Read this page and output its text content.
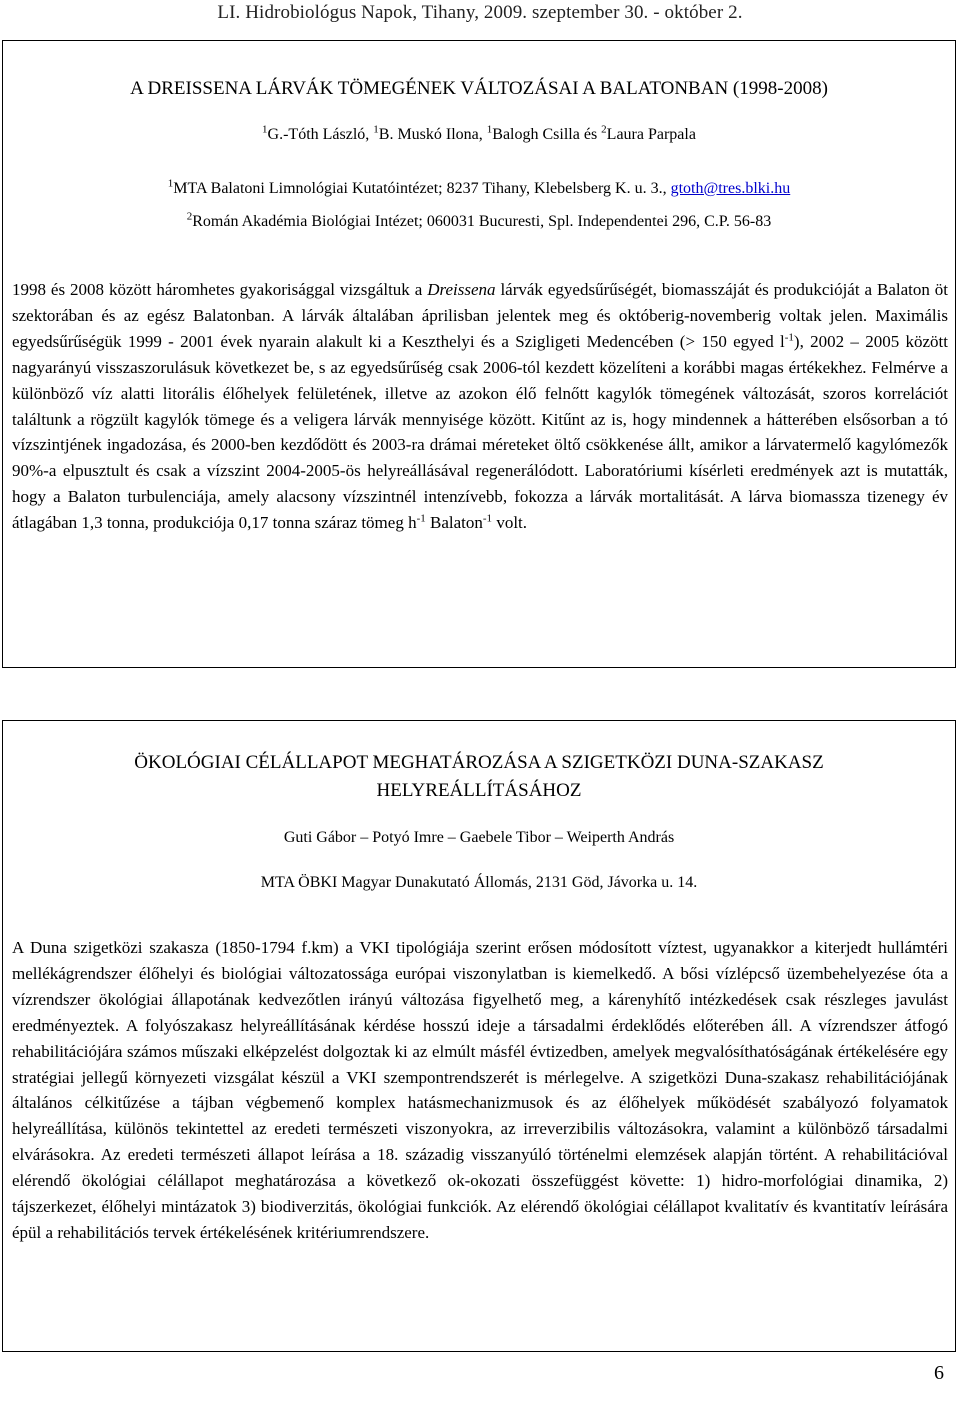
LI. Hidrobiológus Napok, Tihany, 2009. szeptember 30. - október 2.
A DREISSENA LÁRVÁK TÖMEGÉNEK VÁLTOZÁSAI A BALATONBAN (1998-2008)
$^1$G.-Tóth László, $^1$B. Muskó Ilona, $^1$Balogh Csilla és $^2$Laura Parpala
$^1$MTA Balatoni Limnológiai Kutatóintézet; 8237 Tihany, Klebelsberg K. u. 3., gtoth@tres.blki.hu
$^2$Román Akadémia Biológiai Intézet; 060031 Bucuresti, Spl. Independentei 296, C.P. 56-83

1998 és 2008 között háromhetes gyakorisággal vizsgáltuk a Dreissena lárvák egyedsűrűségét, biomasszáját és produkcióját a Balaton öt szektorában és az egész Balatonban. A lárvák általában áprilisban jelentek meg és októberig-novemberig voltak jelen. Maximális egyedsűrűségük 1999 - 2001 évek nyarain alakult ki a Keszthelyi és a Szigligeti Medencében (> 150 egyed $l^{-1}$), 2002 – 2005 között nagyarányú visszaszorulásuk következet be, s az egyedsűrűség csak 2006-tól kezdett közelíteni a korábbi magas értékekhez. Felmérve a különböző víz alatti litorális élőhelyek felületének, illetve az azokon élő felnőtt kagylók tömegének változását, szoros korrelációt találtunk a rögzült kagylók tömege és a veligera lárvák mennyisége között. Kitűnt az is, hogy mindennek a hátterében elsősorban a tó vízszintjének ingadozása, és 2000-ben kezdődött és 2003-ra drámai méreteket öltő csökkenése állt, amikor a lárvatermelő kagylómezők 90%-a elpusztult és csak a vízszint 2004-2005-ös helyreállásával regenerálódott. Laboratóriumi kísérleti eredmények azt is mutatták, hogy a Balaton turbulenciája, amely alacsony vízszintnél intenzívebb, fokozza a lárvák mortalitását. A lárva biomassza tizenegy év átlagában 1,3 tonna, produkciója 0,17 tonna száraz tömeg $h^{-1}$ Balaton$^{-1}$ volt.

ÖKOLÓGIAI CÉLÁLLAPOT MEGHATÁROZÁSA A SZIGETKÖZI DUNA-SZAKASZ
HELYREÁLLÍTÁSÁHOZ
Guti Gábor – Potyó Imre – Gaebele Tibor – Weiperth András
MTA ÖBKI Magyar Dunakutató Állomás, 2131 Göd, Jávorka u. 14.

A Duna szigetközi szakasza (1850-1794 f.km) a VKI tipológiája szerint erősen módosított víztest, ugyanakkor a kiterjedt hullámtéri mellékágrendszer élőhelyi és biológiai változatossága európai viszonylatban is kiemelkedő. A bősi vízlépcső üzembehelyezése óta a vízrendszer ökológiai állapotának kedvezőtlen irányú változása figyelhető meg, a kárenyhítő intézkedések csak részleges javulást eredményeztek. A folyószakasz helyreállításának kérdése hosszú ideje a társadalmi érdeklődés előterében áll. A vízrendszer átfogó rehabilitációjára számos műszaki elképzelést dolgoztak ki az elmúlt másfél évtizedben, amelyek megvalósíthatóságának értékelésére egy stratégiai jellegű környezeti vizsgálat készül a VKI szempontrendszerét is mérlegelve. A szigetközi Duna-szakasz rehabilitációjának általános célkitűzése a tájban végbemenő komplex hatásmechanizmusok és az élőhelyek működését szabályozó folyamatok helyreállítása, különös tekintettel az eredeti természeti viszonyokra, az irreverzibilis változásokra, valamint a különböző társadalmi elvárásokra. Az eredeti természeti állapot leírása a 18. századig visszanyúló történelmi elemzések alapján történt. A rehabilitációval elérendő ökológiai célállapot meghatározása a következő ok-okozati összefüggést követte: 1) hidro-morfológiai dinamika, 2) tájszerkezet, élőhelyi mintázatok 3) biodiverzitás, ökológiai funkciók. Az elérendő ökológiai célállapot kvalitatív és kvantitatív leírására épül a rehabilitációs tervek értékelésének kritériumrendszere.

6
